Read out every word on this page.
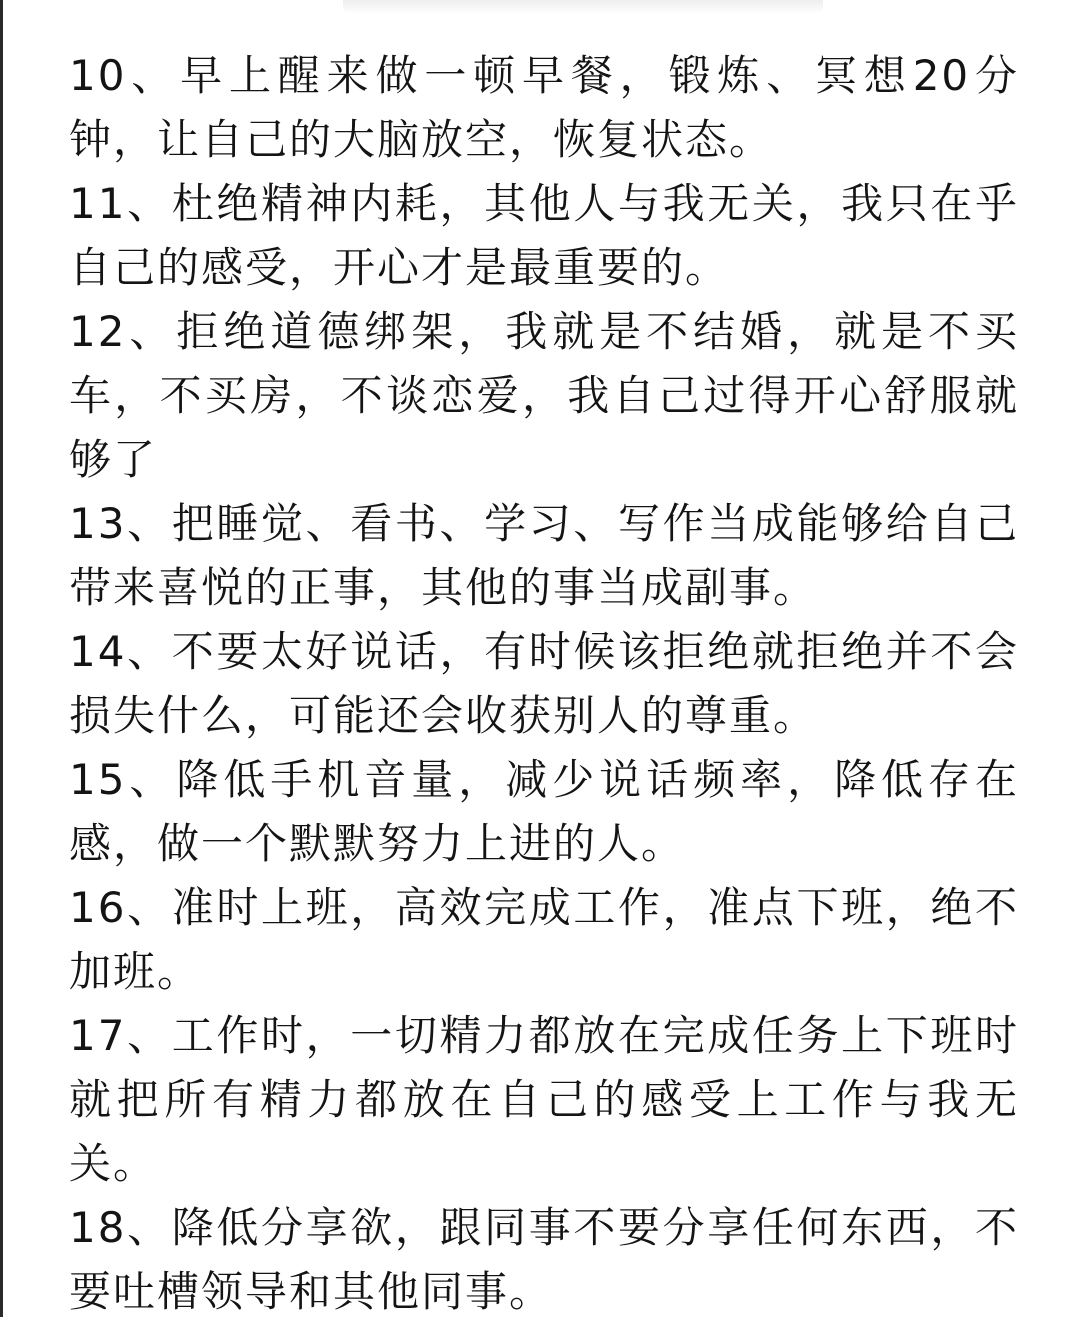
10、早上醒来做一顿早餐，锻炼、冥想20分钟，让自己的大脑放空，恢复状态。
11、杜绝精神内耗，其他人与我无关，我只在乎自己的感受，开心才是最重要的。
12、拒绝道德绑架，我就是不结婚，就是不买车，不买房，不谈恋爱，我自己过得开心舒服就够了
13、把睡觉、看书、学习、写作当成能够给自己带来喜悦的正事，其他的事当成副事。
14、不要太好说话，有时候该拒绝就拒绝并不会损失什么，可能还会收获别人的尊重。
15、降低手机音量，减少说话频率，降低存在感，做一个默默努力上进的人。
16、准时上班，高效完成工作，准点下班，绝不加班。
17、工作时，一切精力都放在完成任务上下班时就把所有精力都放在自己的感受上工作与我无关。
18、降低分享欲，跟同事不要分享任何东西，不要吐槽领导和其他同事。
